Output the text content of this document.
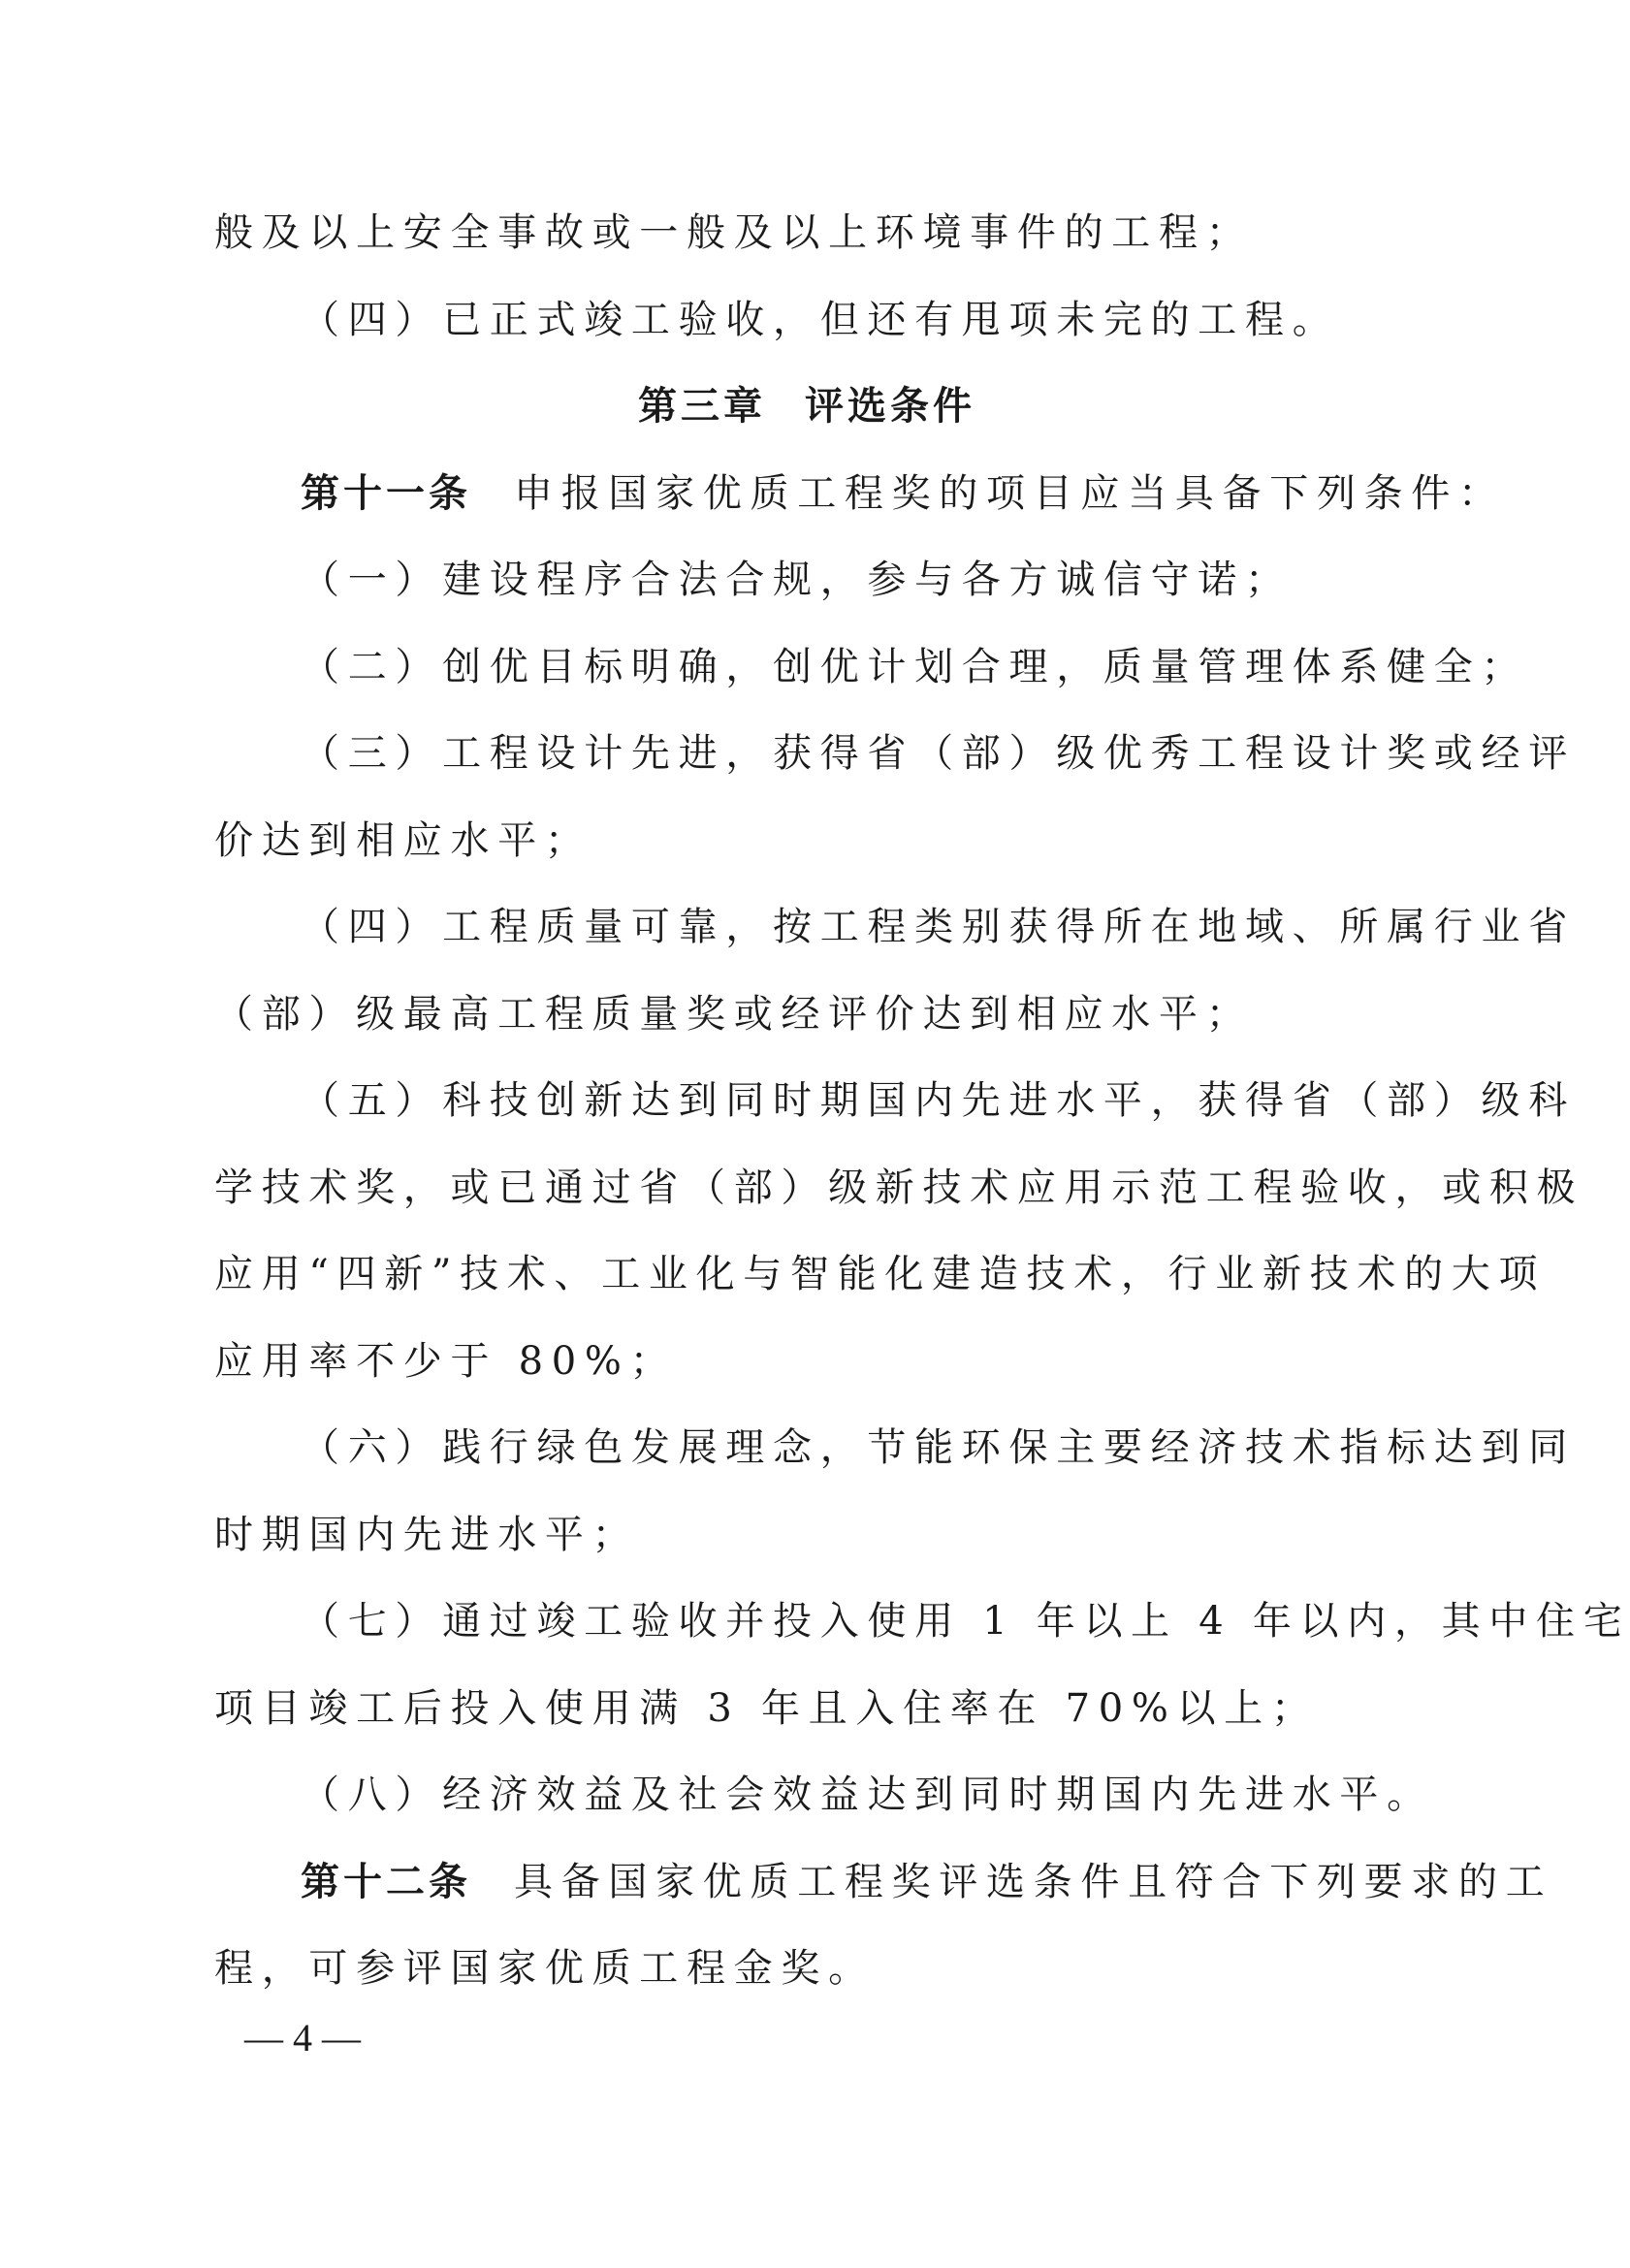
般及以上安全事故或一般及以上环境事件的工程；
（四）已正式竣工验收，但还有甩项未完的工程。
第三章 评选条件
第十一条 申报国家优质工程奖的项目应当具备下列条件：
（一）建设程序合法合规，参与各方诚信守诺；
（二）创优目标明确，创优计划合理，质量管理体系健全；
（三）工程设计先进，获得省（部）级优秀工程设计奖或经评
价达到相应水平；
（四）工程质量可靠，按工程类别获得所在地域、所属行业省
（部）级最高工程质量奖或经评价达到相应水平；
（五）科技创新达到同时期国内先进水平，获得省（部）级科
学技术奖，或已通过省（部）级新技术应用示范工程验收，或积极
应用“四新”技术、工业化与智能化建造技术，行业新技术的大项
应用率不少于 80%；
（六）践行绿色发展理念，节能环保主要经济技术指标达到同
时期国内先进水平；
（七）通过竣工验收并投入使用 1 年以上 4 年以内，其中住宅
项目竣工后投入使用满 3 年且入住率在 70%以上；
（八）经济效益及社会效益达到同时期国内先进水平。
第十二条 具备国家优质工程奖评选条件且符合下列要求的工
程，可参评国家优质工程金奖。
— 4 —
